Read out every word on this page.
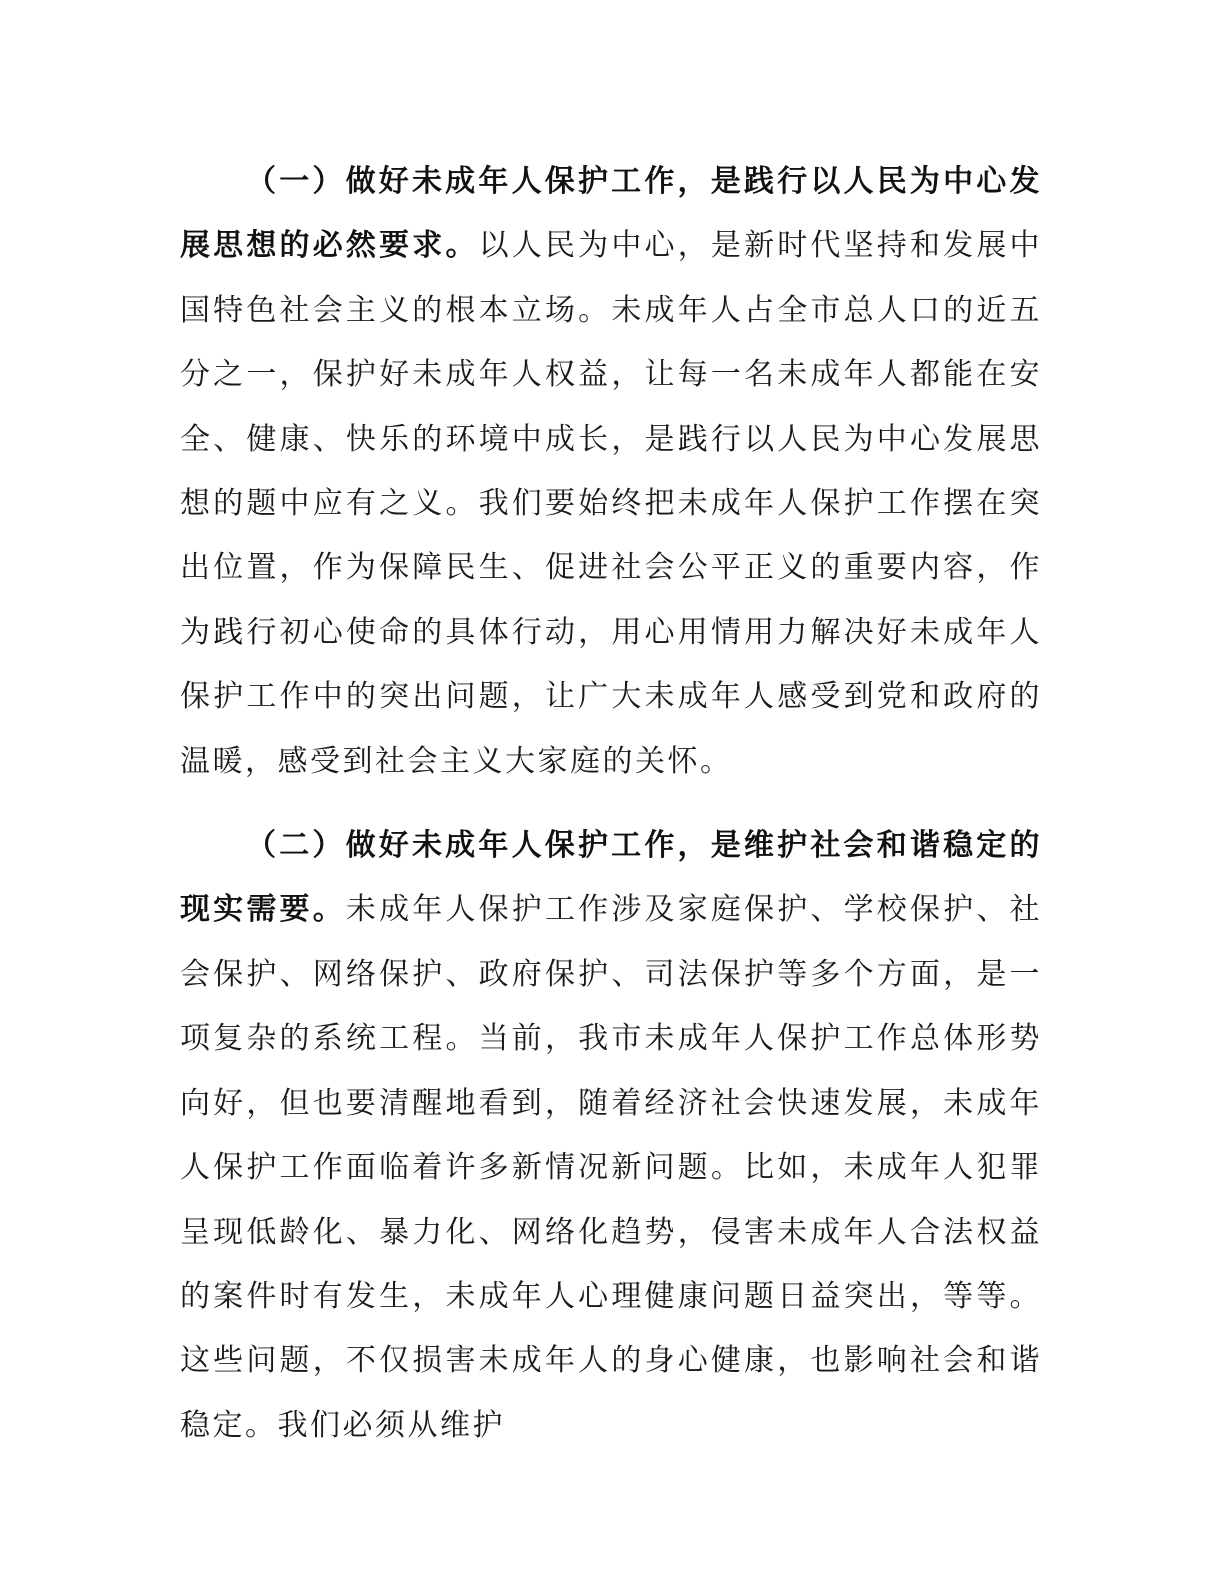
（一）做好未成年人保护工作，是践行以人民为中心发展思想的必然要求。以人民为中心，是新时代坚持和发展中国特色社会主义的根本立场。未成年人占全市总人口的近五分之一，保护好未成年人权益，让每一名未成年人都能在安全、健康、快乐的环境中成长，是践行以人民为中心发展思想的题中应有之义。我们要始终把未成年人保护工作摆在突出位置，作为保障民生、促进社会公平正义的重要内容，作为践行初心使命的具体行动，用心用情用力解决好未成年人保护工作中的突出问题，让广大未成年人感受到党和政府的温暖，感受到社会主义大家庭的关怀。

（二）做好未成年人保护工作，是维护社会和谐稳定的现实需要。未成年人保护工作涉及家庭保护、学校保护、社会保护、网络保护、政府保护、司法保护等多个方面，是一项复杂的系统工程。当前，我市未成年人保护工作总体形势向好，但也要清醒地看到，随着经济社会快速发展，未成年人保护工作面临着许多新情况新问题。比如，未成年人犯罪呈现低龄化、暴力化、网络化趋势，侵害未成年人合法权益的案件时有发生，未成年人心理健康问题日益突出，等等。这些问题，不仅损害未成年人的身心健康，也影响社会和谐稳定。我们必须从维护
